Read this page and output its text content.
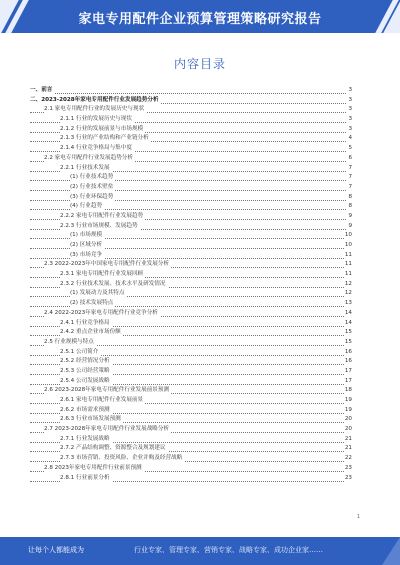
家电专用配件企业预算管理策略研究报告
内容目录
一、前言	3
二、2023-2028年家电专用配件行业发展趋势分析	3
2.1 家电专用配件行业的发展历史与现状	3
2.1.1 行业的发展历史与现状	3
2.1.2 行业的发展前景与市场规模	3
2.1.3 行业的产业结构和产业链分析	4
2.1.4 行业竞争格局与集中度	5
2.2 家电专用配件行业发展趋势分析	6
2.2.1 行业技术发展	7
(1) 行业技术趋势	7
(2) 行业技术壁垒	7
(3) 行业环保趋势	8
(4) 行业趋势	8
2.2.2 家电专用配件行业发展趋势	9
2.2.3 行业市场规模、发展趋势	9
(1) 市场规模	10
(2) 区域分析	10
(3) 市场竞争	11
2.3 2022-2023年中国家电专用配件行业发展分析	11
2.3.1 家电专用配件行业发展回顾	11
2.3.2 行业技术发展、技术水平及研发情况	12
(1) 发展动力及其特点	12
(2) 技术发展特点	13
2.4 2022-2023年家电专用配件行业竞争分析	14
2.4.1 行业竞争格局	14
2.4.2 重点企业市场份额	15
2.5 行业规模与特点	15
2.5.1 公司简介	16
2.5.2 经营情况分析	16
2.5.3 公司经营策略	17
2.5.4 公司发展战略	17
2.6 2023-2028年家电专用配件行业发展前景预测	18
2.6.1 家电专用配件行业发展前景	19
2.6.2 市场需求预测	19
2.6.3 行业市场发展预测	20
2.7 2023-2028年家电专用配件行业发展战略分析	20
2.7.1 行业发展战略	21
2.7.2 产品结构调整、资源整合及规划建议	21
2.7.3 市场营销、投资风险、企业并购及经营战略	22
2.8 2023年家电专用配件行业前景预测	23
2.8.1 行业前景分析	23
1
让每个人都能成为	行业专家、管理专家、营销专家、战略专家、成功企业家……
